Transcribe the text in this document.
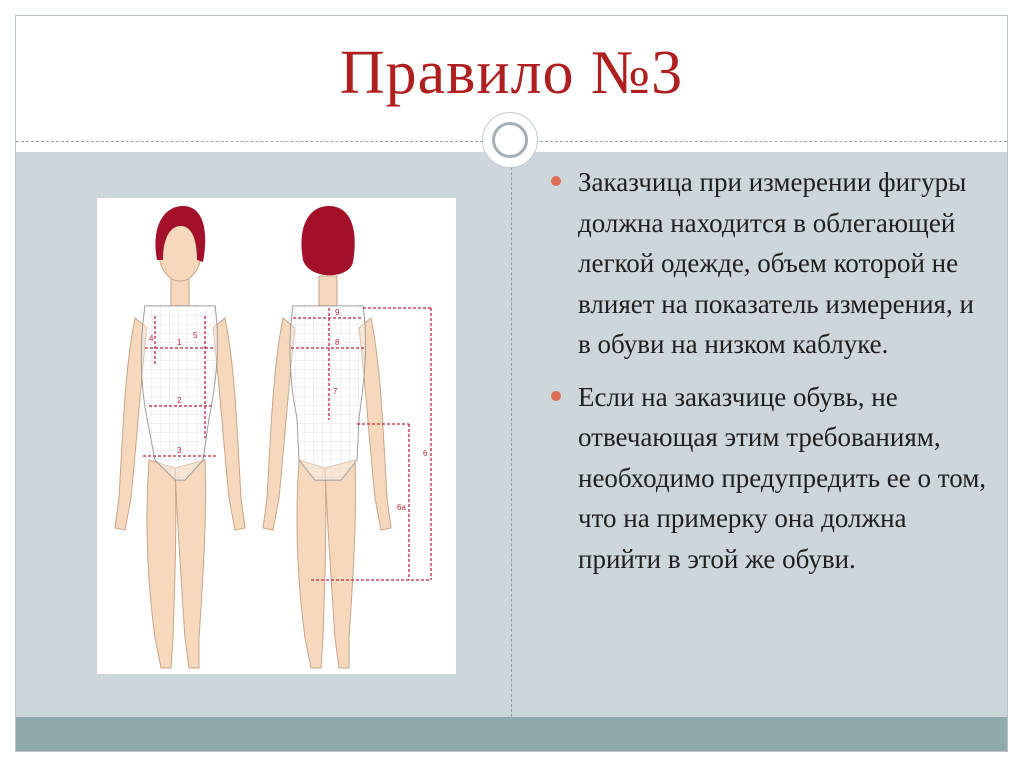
Правило №3
1
2
3
4	5
9
8
7
6
6а
Заказчица при измерении фигуры должна находится в облегающей легкой одежде, объем которой не влияет на показатель измерения, и в обуви на низком каблуке.
Если на заказчице обувь, не отвечающая этим требованиям, необходимо предупредить ее о том, что на примерку она должна прийти в этой же обуви.
